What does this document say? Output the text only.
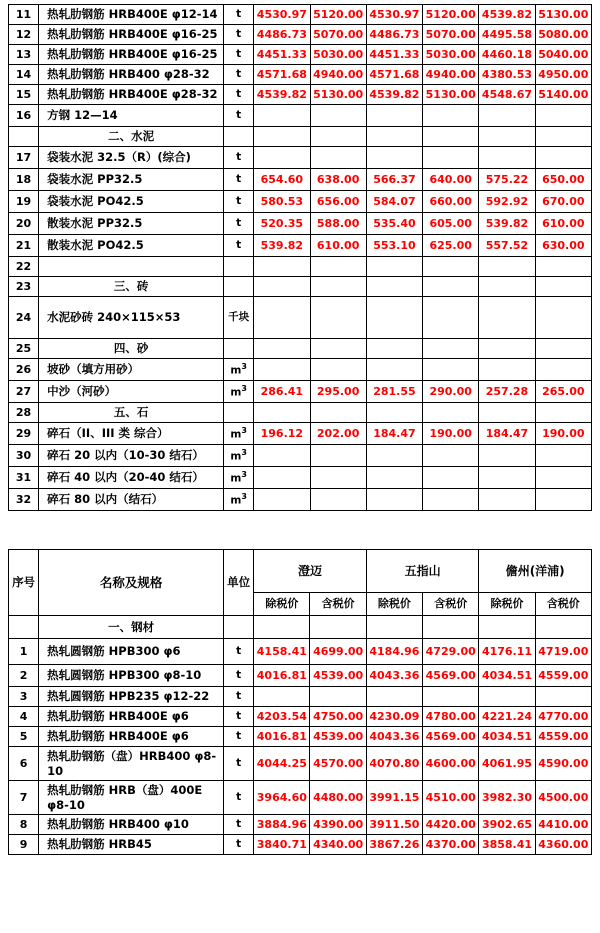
11	热轧肋钢筋 HRB400E φ12-14	t	4530.97	5120.00	4530.97	5120.00	4539.82	5130.00
12	热轧肋钢筋 HRB400E φ16-25	t	4486.73	5070.00	4486.73	5070.00	4495.58	5080.00
13	热轧肋钢筋 HRB400E φ16-25	t	4451.33	5030.00	4451.33	5030.00	4460.18	5040.00
14	热轧肋钢筋 HRB400 φ28-32	t	4571.68	4940.00	4571.68	4940.00	4380.53	4950.00
15	热轧肋钢筋 HRB400E φ28-32	t	4539.82	5130.00	4539.82	5130.00	4548.67	5140.00
16	方钢 12—14	t						
	二、水泥							
17	袋装水泥 32.5（R）(综合)	t						
18	袋装水泥 PP32.5	t	654.60	638.00	566.37	640.00	575.22	650.00
19	袋装水泥 PO42.5	t	580.53	656.00	584.07	660.00	592.92	670.00
20	散装水泥 PP32.5	t	520.35	588.00	535.40	605.00	539.82	610.00
21	散装水泥 PO42.5	t	539.82	610.00	553.10	625.00	557.52	630.00
22								
23	三、砖							
24	水泥砂砖 240×115×53	千块						
25	四、砂							
26	坡砂（填方用砂）	$m^3$						
27	中沙（河砂）	$m^3$	286.41	295.00	281.55	290.00	257.28	265.00
28	五、石							
29	碎石（II、III 类 综合）	$m^3$	196.12	202.00	184.47	190.00	184.47	190.00
30	碎石 20 以内（10-30 结石）	$m^3$						
31	碎石 40 以内（20-40 结石）	$m^3$						
32	碎石 80 以内（结石）	$m^3$						
序号	名称及规格	单位	澄迈		五指山		儋州(洋浦)	
			除税价	含税价	除税价	含税价	除税价	含税价
	一、钢材							
1	热轧圆钢筋 HPB300 φ6	t	4158.41	4699.00	4184.96	4729.00	4176.11	4719.00
2	热轧圆钢筋 HPB300 φ8-10	t	4016.81	4539.00	4043.36	4569.00	4034.51	4559.00
3	热轧圆钢筋 HPB235 φ12-22	t						
4	热轧肋钢筋 HRB400E φ6	t	4203.54	4750.00	4230.09	4780.00	4221.24	4770.00
5	热轧肋钢筋 HRB400E φ6	t	4016.81	4539.00	4043.36	4569.00	4034.51	4559.00
6	热轧肋钢筋（盘）HRB400 φ8-10	t	4044.25	4570.00	4070.80	4600.00	4061.95	4590.00
7	热轧肋钢筋 HRB（盘）400E φ8-10	t	3964.60	4480.00	3991.15	4510.00	3982.30	4500.00
8	热轧肋钢筋 HRB400 φ10	t	3884.96	4390.00	3911.50	4420.00	3902.65	4410.00
9	热轧肋钢筋 HRB45	t	3840.71	4340.00	3867.26	4370.00	3858.41	4360.00
